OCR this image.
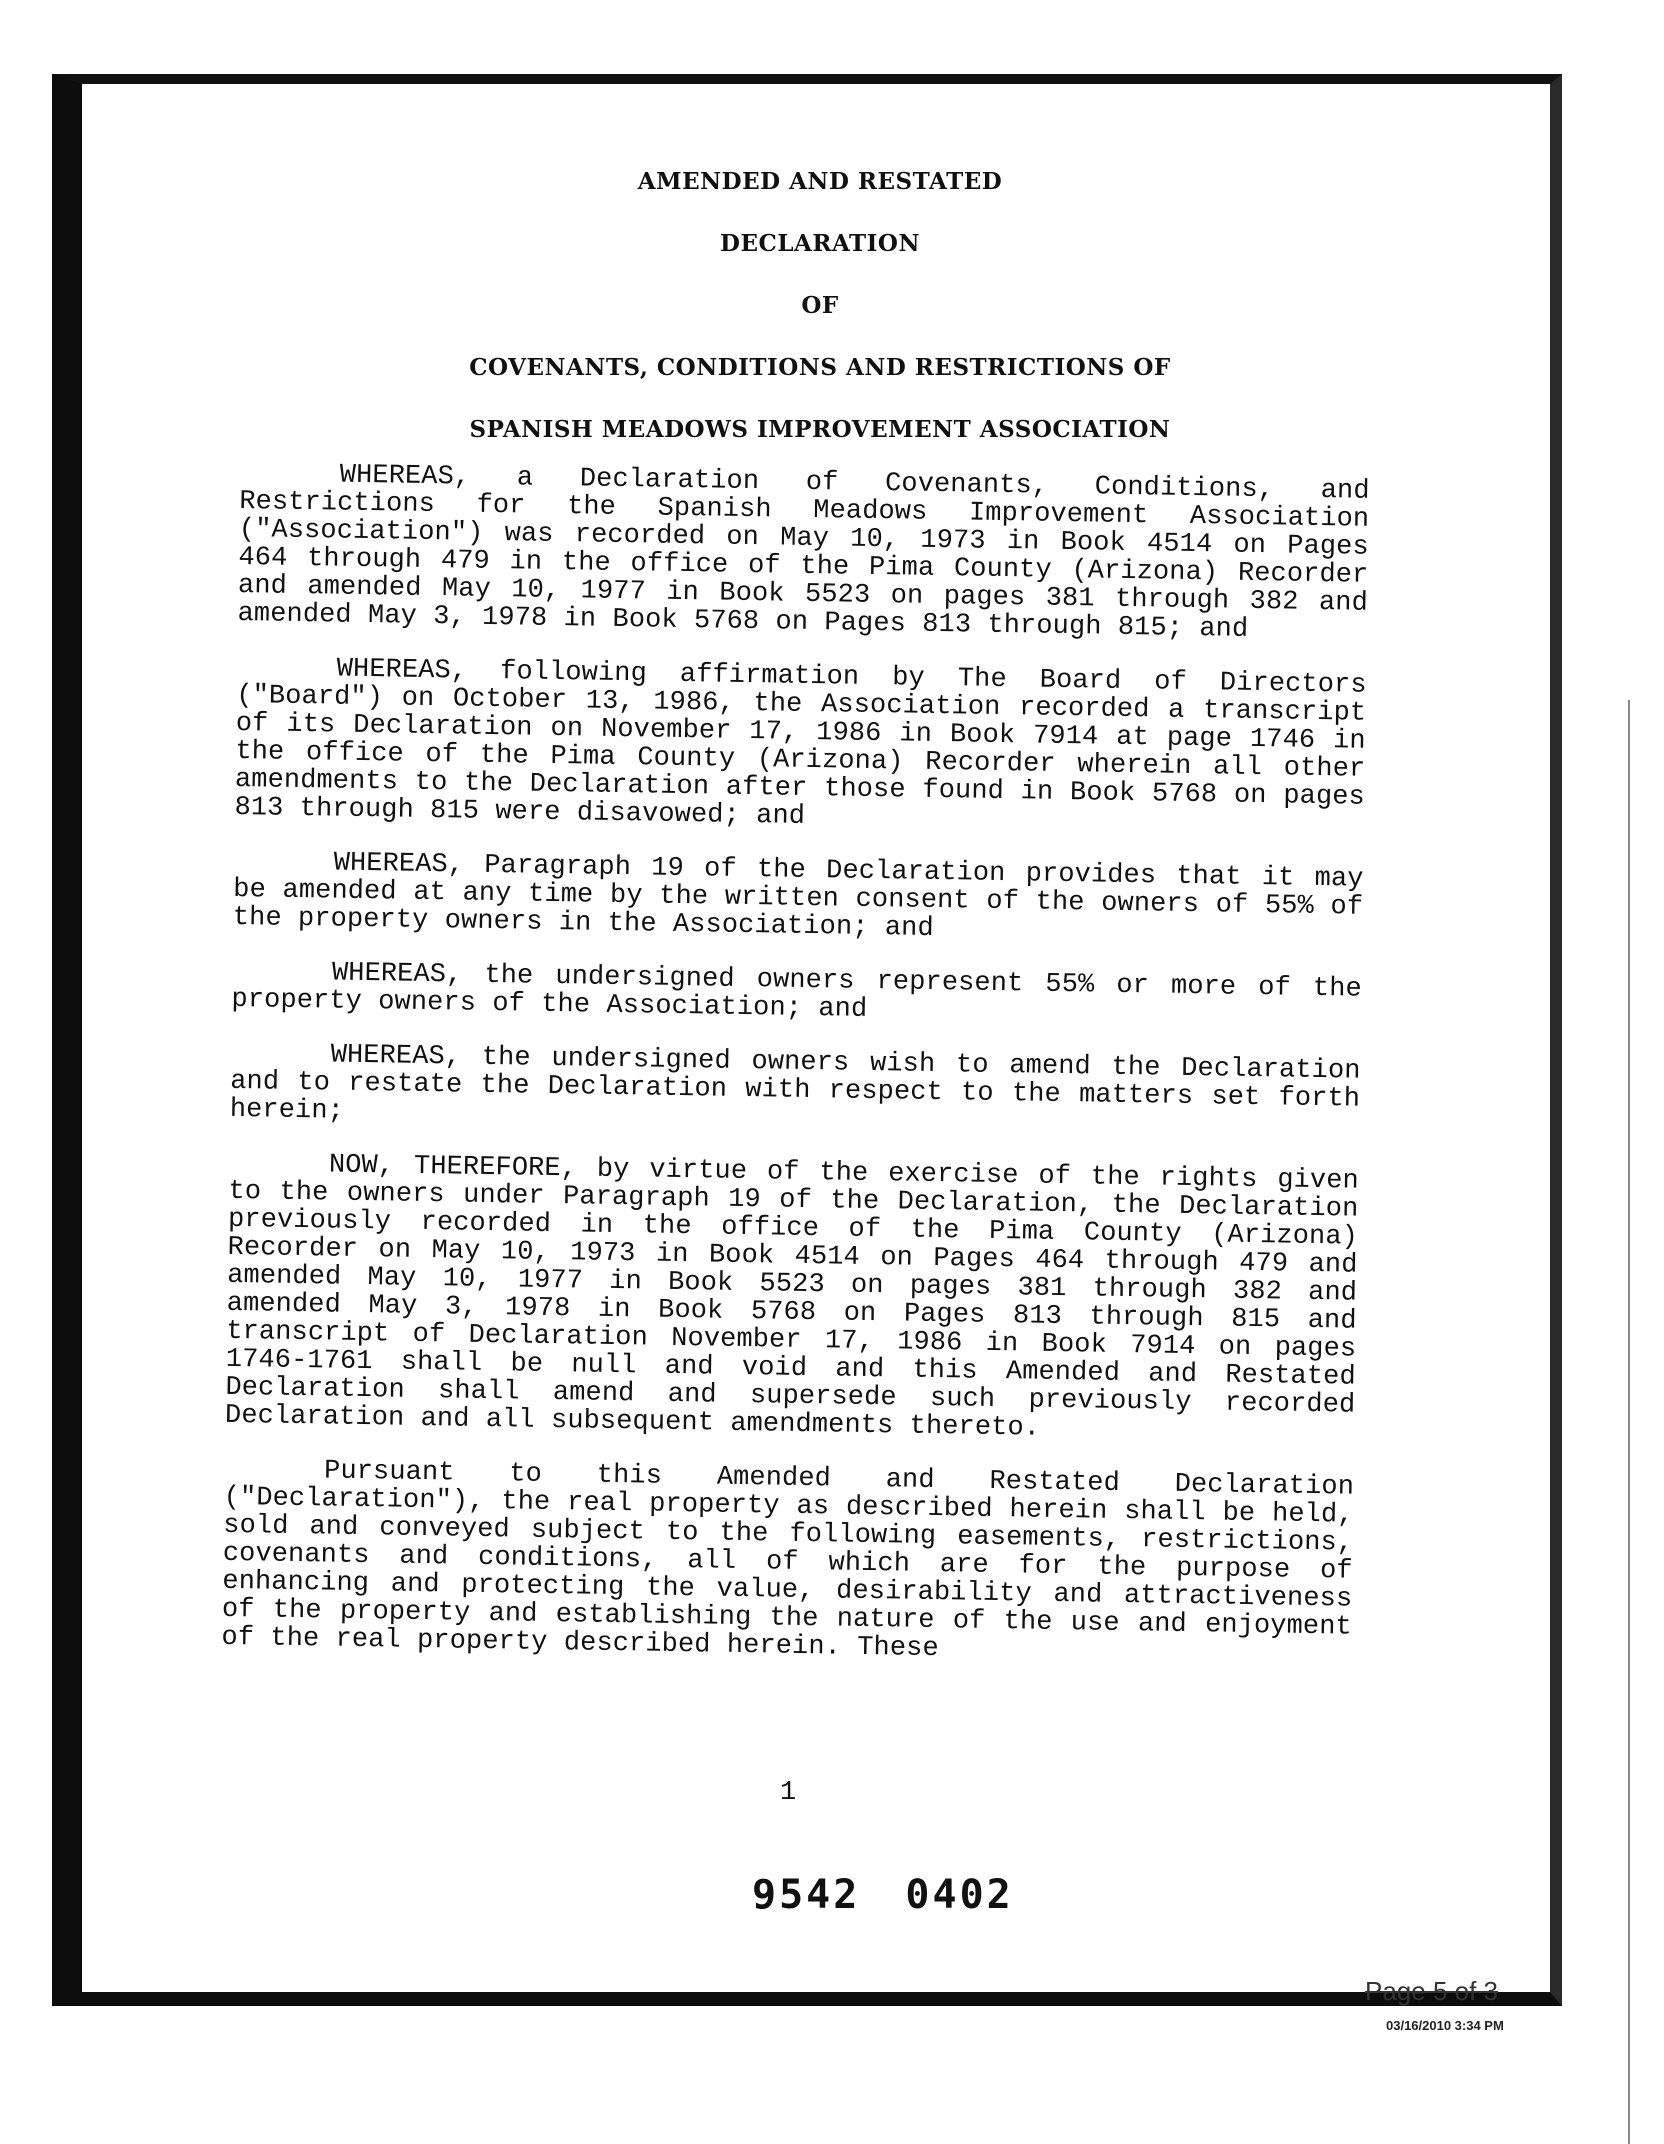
AMENDED AND RESTATED
DECLARATION
OF
COVENANTS, CONDITIONS AND RESTRICTIONS OF
SPANISH MEADOWS IMPROVEMENT ASSOCIATION

WHEREAS, a Declaration of Covenants, Conditions, and Restrictions for the Spanish Meadows Improvement Association ("Association") was recorded on May 10, 1973 in Book 4514 on Pages 464 through 479 in the office of the Pima County (Arizona) Recorder and amended May 10, 1977 in Book 5523 on pages 381 through 382 and amended May 3, 1978 in Book 5768 on Pages 813 through 815; and

WHEREAS, following affirmation by The Board of Directors ("Board") on October 13, 1986, the Association recorded a transcript of its Declaration on November 17, 1986 in Book 7914 at page 1746 in the office of the Pima County (Arizona) Recorder wherein all other amendments to the Declaration after those found in Book 5768 on pages 813 through 815 were disavowed; and

WHEREAS, Paragraph 19 of the Declaration provides that it may be amended at any time by the written consent of the owners of 55% of the property owners in the Association; and

WHEREAS, the undersigned owners represent 55% or more of the property owners of the Association; and

WHEREAS, the undersigned owners wish to amend the Declaration and to restate the Declaration with respect to the matters set forth herein;

NOW, THEREFORE, by virtue of the exercise of the rights given to the owners under Paragraph 19 of the Declaration, the Declaration previously recorded in the office of the Pima County (Arizona) Recorder on May 10, 1973 in Book 4514 on Pages 464 through 479 and amended May 10, 1977 in Book 5523 on pages 381 through 382 and amended May 3, 1978 in Book 5768 on Pages 813 through 815 and transcript of Declaration November 17, 1986 in Book 7914 on pages 1746-1761 shall be null and void and this Amended and Restated Declaration shall amend and supersede such previously recorded Declaration and all subsequent amendments thereto.

Pursuant to this Amended and Restated Declaration ("Declaration"), the real property as described herein shall be held, sold and conveyed subject to the following easements, restrictions, covenants and conditions, all of which are for the purpose of enhancing and protecting the value, desirability and attractiveness of the property and establishing the nature of the use and enjoyment of the real property described herein. These

1
9542 0402
Page 5 of 3
03/16/2010 3:34 PM
